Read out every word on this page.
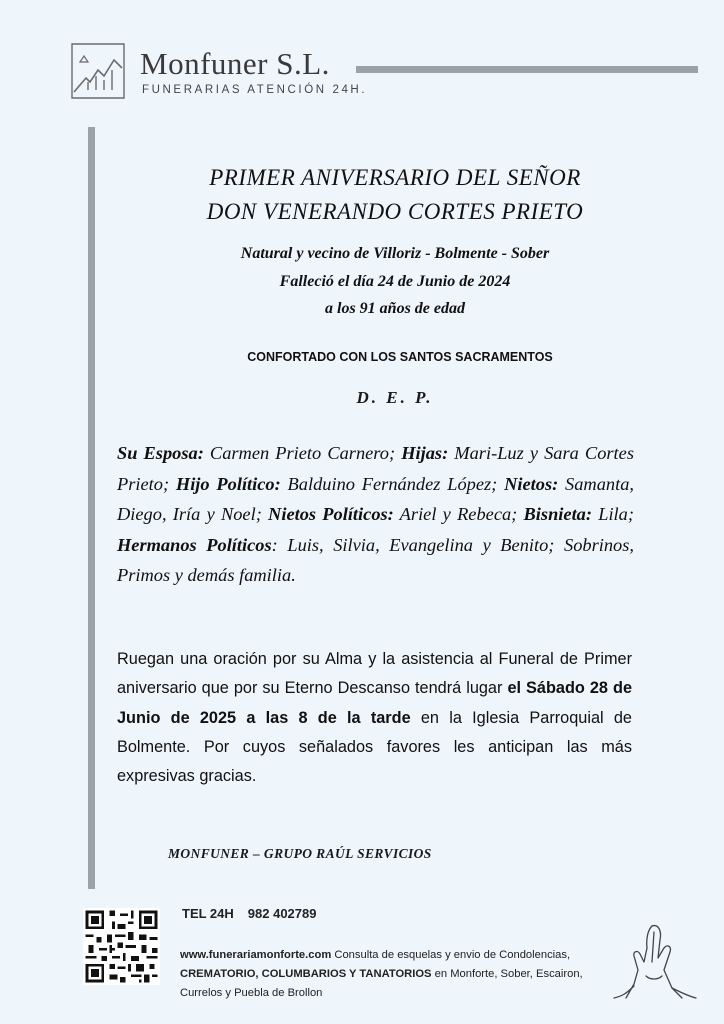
Monfuner S.L.
FUNERARIAS ATENCIÓN 24H.
PRIMER ANIVERSARIO DEL SEÑOR
DON VENERANDO CORTES PRIETO
Natural y vecino de Villoriz - Bolmente - Sober
Falleció el día 24 de Junio de 2024
a los 91 años de edad
CONFORTADO CON LOS SANTOS SACRAMENTOS
D. E. P.
Su Esposa: Carmen Prieto Carnero; Hijas: Mari-Luz y Sara Cortes Prieto; Hijo Político: Balduino Fernández López; Nietos: Samanta, Diego, Iría y Noel; Nietos Políticos: Ariel y Rebeca; Bisnieta: Lila; Hermanos Políticos: Luis, Silvia, Evangelina y Benito; Sobrinos, Primos y demás familia.
Ruegan una oración por su Alma y la asistencia al Funeral de Primer aniversario que por su Eterno Descanso tendrá lugar el Sábado 28 de Junio de 2025 a las 8 de la tarde en la Iglesia Parroquial de Bolmente. Por cuyos señalados favores les anticipan las más expresivas gracias.
MONFUNER – GRUPO RAÚL SERVICIOS
TEL 24H 982 402789
www.funerariamonforte.com Consulta de esquelas y envio de Condolencias, CREMATORIO, COLUMBARIOS Y TANATORIOS en Monforte, Sober, Escairon, Currelos y Puebla de Brollon
